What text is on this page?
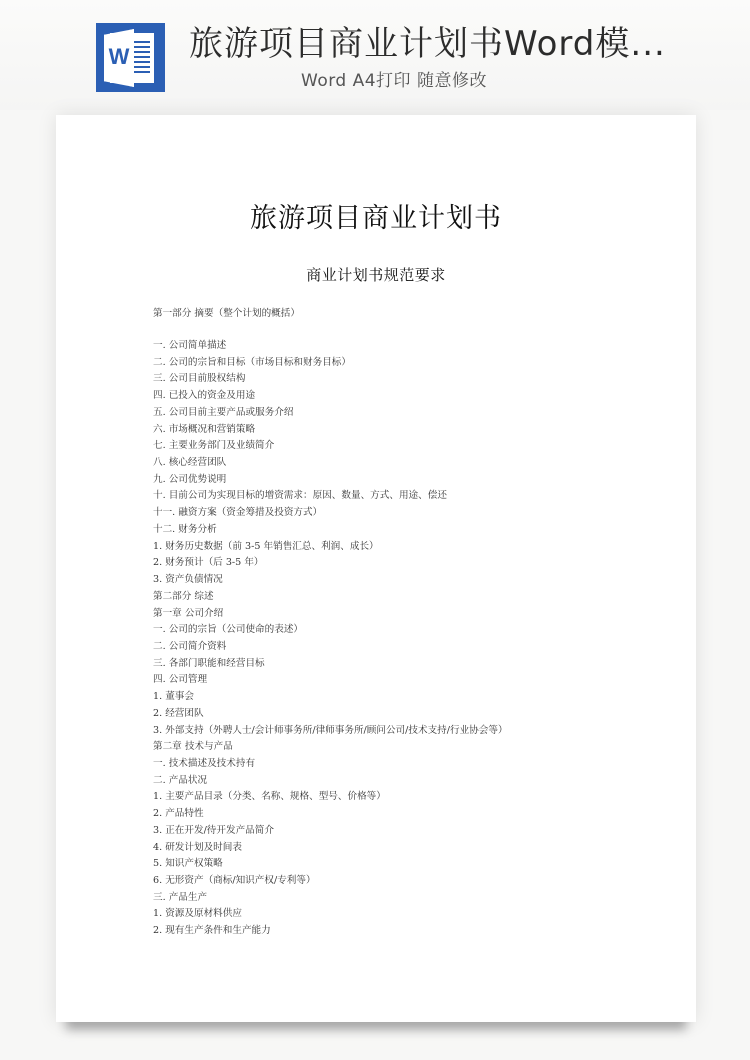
W 旅游项目商业计划书Word模...
Word A4打印 随意修改
旅游项目商业计划书
商业计划书规范要求
第一部分 摘要（整个计划的概括）
一. 公司简单描述
二. 公司的宗旨和目标（市场目标和财务目标）
三. 公司目前股权结构
四. 已投入的资金及用途
五. 公司目前主要产品或服务介绍
六. 市场概况和营销策略
七. 主要业务部门及业绩简介
八. 核心经营团队
九. 公司优势说明
十. 目前公司为实现目标的增资需求：原因、数量、方式、用途、偿还
十一. 融资方案（资金筹措及投资方式）
十二. 财务分析
1. 财务历史数据（前 3-5 年销售汇总、利润、成长）
2. 财务预计（后 3-5 年）
3. 资产负债情况
第二部分 综述
第一章 公司介绍
一. 公司的宗旨（公司使命的表述）
二. 公司简介资料
三. 各部门职能和经营目标
四. 公司管理
1. 董事会
2. 经营团队
3. 外部支持（外聘人士/会计师事务所/律师事务所/顾问公司/技术支持/行业协会等）
第二章 技术与产品
一. 技术描述及技术持有
二. 产品状况
1. 主要产品目录（分类、名称、规格、型号、价格等）
2. 产品特性
3. 正在开发/待开发产品简介
4. 研发计划及时间表
5. 知识产权策略
6. 无形资产（商标/知识产权/专利等）
三. 产品生产
1. 资源及原材料供应
2. 现有生产条件和生产能力
